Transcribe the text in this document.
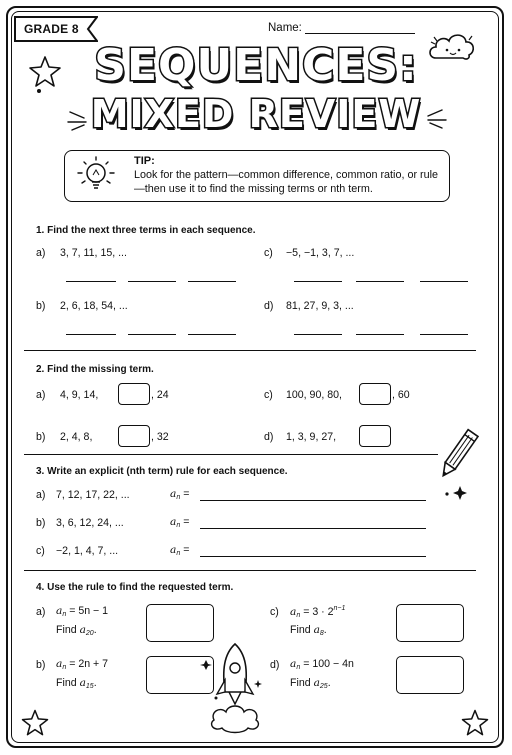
GRADE 8	Name:
SEQUENCES:
MIXED REVIEW
TIP:
Look for the pattern—common difference, common ratio, or rule—then use it to find the missing terms or nth term.
1. Find the next three terms in each sequence.
a) 3, 7, 11, 15, ...	c) −5, −1, 3, 7, ...
b) 2, 6, 18, 54, ...	d) 81, 27, 9, 3, ...
2. Find the missing term.
a) 4, 9, 14,	, 24	c) 100, 90, 80,	, 60
b) 2, 4, 8,	, 32	d) 1, 3, 9, 27,
3. Write an explicit (nth term) rule for each sequence.
a) 7, 12, 17, 22, ...	$a_n$ =
b) 3, 6, 12, 24, ...	$a_n$ =
c) −2, 1, 4, 7, ...	$a_n$ =
4. Use the rule to find the requested term.
a) $a_n = 5n - 1$
Find $a_{20}$.
c) $a_n = 3 \cdot 2^{n-1}$
Find $a_8$.
b) $a_n = 2n + 7$
Find $a_{15}$.
d) $a_n = 100 - 4n$
Find $a_{25}$.
